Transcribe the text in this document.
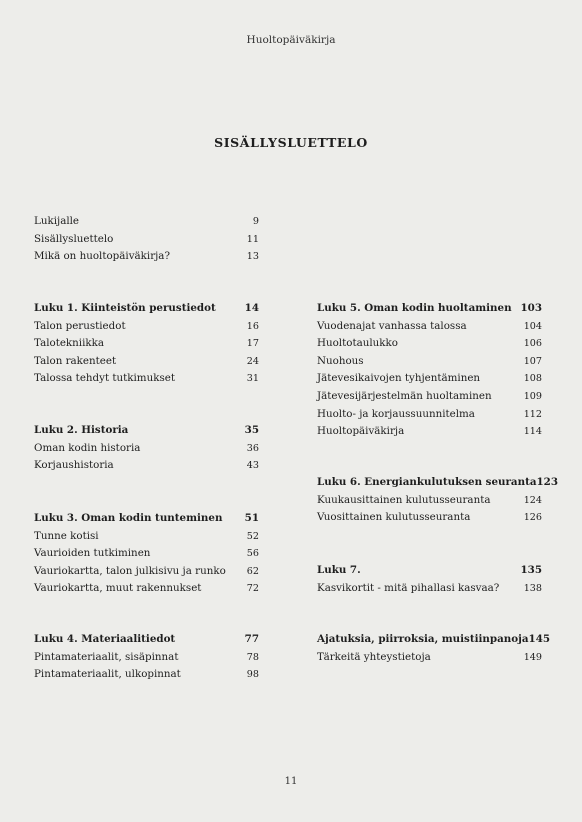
Huoltopäiväkirja
SISÄLLYSLUETTELO
Lukijalle	9
Sisällysluettelo	11
Mikä on huoltopäiväkirja?	13
Luku 1. Kiinteistön perustiedot	14
Talon perustiedot	16
Talotekniikka	17
Talon rakenteet	24
Talossa tehdyt tutkimukset	31
Luku 2. Historia	35
Oman kodin historia	36
Korjaushistoria	43
Luku 3. Oman kodin tunteminen	51
Tunne kotisi	52
Vaurioiden tutkiminen	56
Vauriokartta, talon julkisivu ja runko	62
Vauriokartta, muut rakennukset	72
Luku 4. Materiaalitiedot	77
Pintamateriaalit, sisäpinnat	78
Pintamateriaalit, ulkopinnat	98
Luku 5. Oman kodin huoltaminen 103
Vuodenajat vanhassa talossa	104
Huoltotaulukko	106
Nuohous	107
Jätevesikaivojen tyhjentäminen	108
Jätevesijärjestelmän huoltaminen	109
Huolto- ja korjaussuunnitelma	112
Huoltopäiväkirja	114
Luku 6. Energiankulutuksen seuranta 123
Kuukausittainen kulutusseuranta	124
Vuosittainen kulutusseuranta	126
Luku 7.	135
Kasvikortit - mitä pihallasi kasvaa?	138
Ajatuksia, piirroksia, muistiinpanoja 145
Tärkeitä yhteystietoja	149
11
